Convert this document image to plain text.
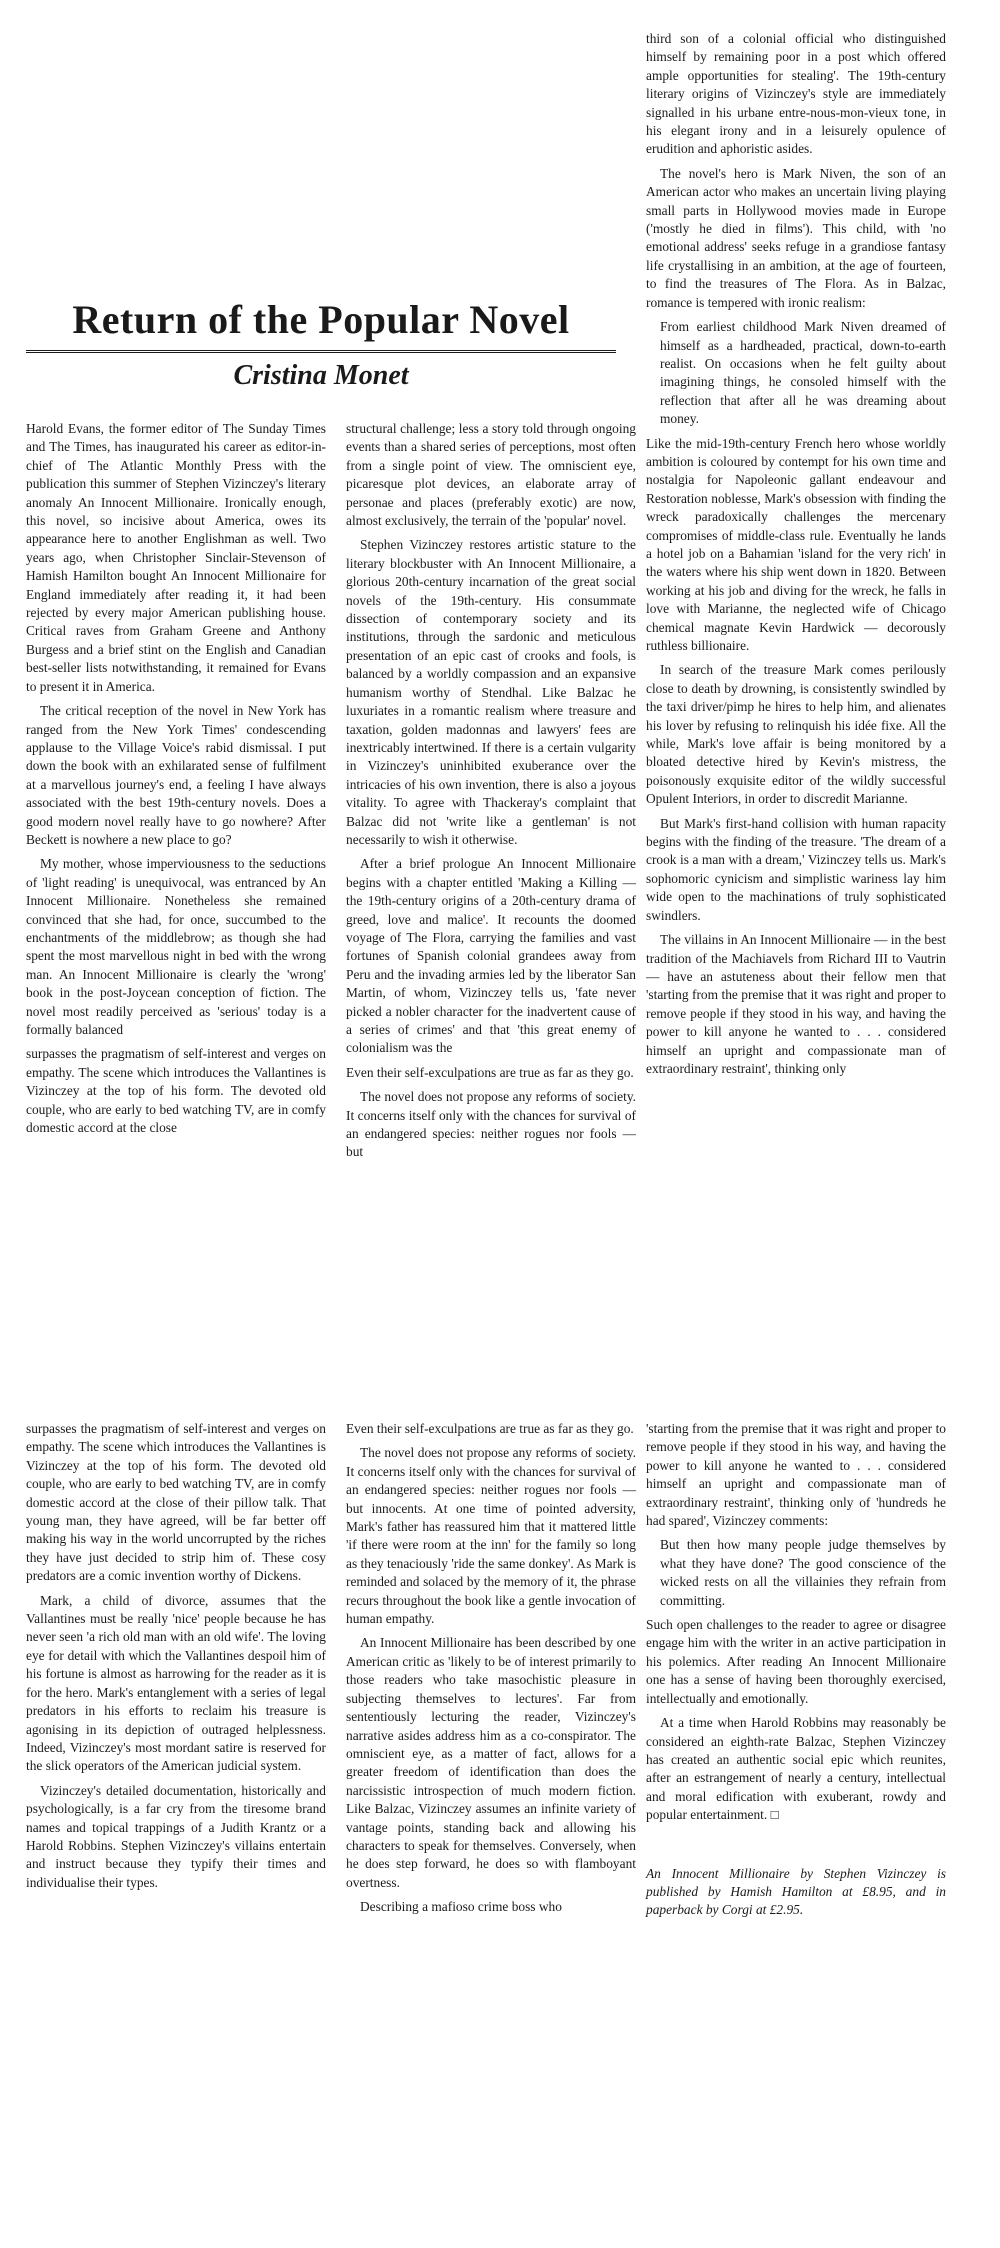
Return of the Popular Novel
Cristina Monet

Harold Evans, the former editor of The Sunday Times and The Times, has inaugurated his career as editor-in-chief of The Atlantic Monthly Press with the publication this summer of Stephen Vizinczey's literary anomaly An Innocent Millionaire. Ironically enough, this novel, so incisive about America, owes its appearance here to another Englishman as well. Two years ago, when Christopher Sinclair-Stevenson of Hamish Hamilton bought An Innocent Millionaire for England immediately after reading it, it had been rejected by every major American publishing house. Critical raves from Graham Greene and Anthony Burgess and a brief stint on the English and Canadian best-seller lists notwithstanding, it remained for Evans to present it in America.

The critical reception of the novel in New York has ranged from the New York Times' condescending applause to the Village Voice's rabid dismissal. I put down the book with an exhilarated sense of fulfilment at a marvellous journey's end, a feeling I have always associated with the best 19th-century novels. Does a good modern novel really have to go nowhere? After Beckett is nowhere a new place to go?

My mother, whose imperviousness to the seductions of 'light reading' is unequivocal, was entranced by An Innocent Millionaire. Nonetheless she remained convinced that she had, for once, succumbed to the enchantments of the middlebrow; as though she had spent the most marvellous night in bed with the wrong man. An Innocent Millionaire is clearly the 'wrong' book in the post-Joycean conception of fiction. The novel most readily perceived as 'serious' today is a formally balanced

surpasses the pragmatism of self-interest and verges on empathy. The scene which introduces the Vallantines is Vizinczey at the top of his form. The devoted old couple, who are early to bed watching TV, are in comfy domestic accord at the close

structural challenge; less a story told through ongoing events than a shared series of perceptions, most often from a single point of view. The omniscient eye, picaresque plot devices, an elaborate array of personae and places (preferably exotic) are now, almost exclusively, the terrain of the 'popular' novel.

Stephen Vizinczey restores artistic stature to the literary blockbuster with An Innocent Millionaire, a glorious 20th-century incarnation of the great social novels of the 19th-century. His consummate dissection of contemporary society and its institutions, through the sardonic and meticulous presentation of an epic cast of crooks and fools, is balanced by a worldly compassion and an expansive humanism worthy of Stendhal. Like Balzac he luxuriates in a romantic realism where treasure and taxation, golden madonnas and lawyers' fees are inextricably intertwined. If there is a certain vulgarity in Vizinczey's uninhibited exuberance over the intricacies of his own invention, there is also a joyous vitality. To agree with Thackeray's complaint that Balzac did not 'write like a gentleman' is not necessarily to wish it otherwise.

After a brief prologue An Innocent Millionaire begins with a chapter entitled 'Making a Killing — the 19th-century origins of a 20th-century drama of greed, love and malice'. It recounts the doomed voyage of The Flora, carrying the families and vast fortunes of Spanish colonial grandees away from Peru and the invading armies led by the liberator San Martin, of whom, Vizinczey tells us, 'fate never picked a nobler character for the inadvertent cause of a series of crimes' and that 'this great enemy of colonialism was the

Even their self-exculpations are true as far as they go.

The novel does not propose any reforms of society. It concerns itself only with the chances for survival of an endangered species: neither rogues nor fools — but

third son of a colonial official who distinguished himself by remaining poor in a post which offered ample opportunities for stealing'. The 19th-century literary origins of Vizinczey's style are immediately signalled in his urbane entre-nous-mon-vieux tone, in his elegant irony and in a leisurely opulence of erudition and aphoristic asides.

The novel's hero is Mark Niven, the son of an American actor who makes an uncertain living playing small parts in Hollywood movies made in Europe ('mostly he died in films'). This child, with 'no emotional address' seeks refuge in a grandiose fantasy life crystallising in an ambition, at the age of fourteen, to find the treasures of The Flora. As in Balzac, romance is tempered with ironic realism:

From earliest childhood Mark Niven dreamed of himself as a hardheaded, practical, down-to-earth realist. On occasions when he felt guilty about imagining things, he consoled himself with the reflection that after all he was dreaming about money.

Like the mid-19th-century French hero whose worldly ambition is coloured by contempt for his own time and nostalgia for Napoleonic gallant endeavour and Restoration noblesse, Mark's obsession with finding the wreck paradoxically challenges the mercenary compromises of middle-class rule. Eventually he lands a hotel job on a Bahamian 'island for the very rich' in the waters where his ship went down in 1820. Between working at his job and diving for the wreck, he falls in love with Marianne, the neglected wife of Chicago chemical magnate Kevin Hardwick — decorously ruthless billionaire.

In search of the treasure Mark comes perilously close to death by drowning, is consistently swindled by the taxi driver/pimp he hires to help him, and alienates his lover by refusing to relinquish his idée fixe. All the while, Mark's love affair is being monitored by a bloated detective hired by Kevin's mistress, the poisonously exquisite editor of the wildly successful Opulent Interiors, in order to discredit Marianne.

But Mark's first-hand collision with human rapacity begins with the finding of the treasure. 'The dream of a crook is a man with a dream,' Vizinczey tells us. Mark's sophomoric cynicism and simplistic wariness lay him wide open to the machinations of truly sophisticated swindlers.

The villains in An Innocent Millionaire — in the best tradition of the Machiavels from Richard III to Vautrin — have an astuteness about their fellow men that 'starting from the premise that it was right and proper to remove people if they stood in his way, and having the power to kill anyone he wanted to . . . considered himself an upright and compassionate man of extraordinary restraint', thinking only

surpasses the pragmatism of self-interest and verges on empathy. The scene which introduces the Vallantines is Vizinczey at the top of his form. The devoted old couple, who are early to bed watching TV, are in comfy domestic accord at the close of their pillow talk. That young man, they have agreed, will be far better off making his way in the world uncorrupted by the riches they have just decided to strip him of. These cosy predators are a comic invention worthy of Dickens.

Mark, a child of divorce, assumes that the Vallantines must be really 'nice' people because he has never seen 'a rich old man with an old wife'. The loving eye for detail with which the Vallantines despoil him of his fortune is almost as harrowing for the reader as it is for the hero. Mark's entanglement with a series of legal predators in his efforts to reclaim his treasure is agonising in its depiction of outraged helplessness. Indeed, Vizinczey's most mordant satire is reserved for the slick operators of the American judicial system.

Vizinczey's detailed documentation, historically and psychologically, is a far cry from the tiresome brand names and topical trappings of a Judith Krantz or a Harold Robbins. Stephen Vizinczey's villains entertain and instruct because they typify their times and individualise their types.

Even their self-exculpations are true as far as they go.

The novel does not propose any reforms of society. It concerns itself only with the chances for survival of an endangered species: neither rogues nor fools — but innocents. At one time of pointed adversity, Mark's father has reassured him that it mattered little 'if there were room at the inn' for the family so long as they tenaciously 'ride the same donkey'. As Mark is reminded and solaced by the memory of it, the phrase recurs throughout the book like a gentle invocation of human empathy.

An Innocent Millionaire has been described by one American critic as 'likely to be of interest primarily to those readers who take masochistic pleasure in subjecting themselves to lectures'. Far from sententiously lecturing the reader, Vizinczey's narrative asides address him as a co-conspirator. The omniscient eye, as a matter of fact, allows for a greater freedom of identification than does the narcissistic introspection of much modern fiction. Like Balzac, Vizinczey assumes an infinite variety of vantage points, standing back and allowing his characters to speak for themselves. Conversely, when he does step forward, he does so with flamboyant overtness.

Describing a mafioso crime boss who

'starting from the premise that it was right and proper to remove people if they stood in his way, and having the power to kill anyone he wanted to . . . considered himself an upright and compassionate man of extraordinary restraint', thinking only of 'hundreds he had spared', Vizinczey comments:

But then how many people judge themselves by what they have done? The good conscience of the wicked rests on all the villainies they refrain from committing.

Such open challenges to the reader to agree or disagree engage him with the writer in an active participation in his polemics. After reading An Innocent Millionaire one has a sense of having been thoroughly exercised, intellectually and emotionally.

At a time when Harold Robbins may reasonably be considered an eighth-rate Balzac, Stephen Vizinczey has created an authentic social epic which reunites, after an estrangement of nearly a century, intellectual and moral edification with exuberant, rowdy and popular entertainment. □

An Innocent Millionaire by Stephen Vizinczey is published by Hamish Hamilton at £8.95, and in paperback by Corgi at £2.95.
